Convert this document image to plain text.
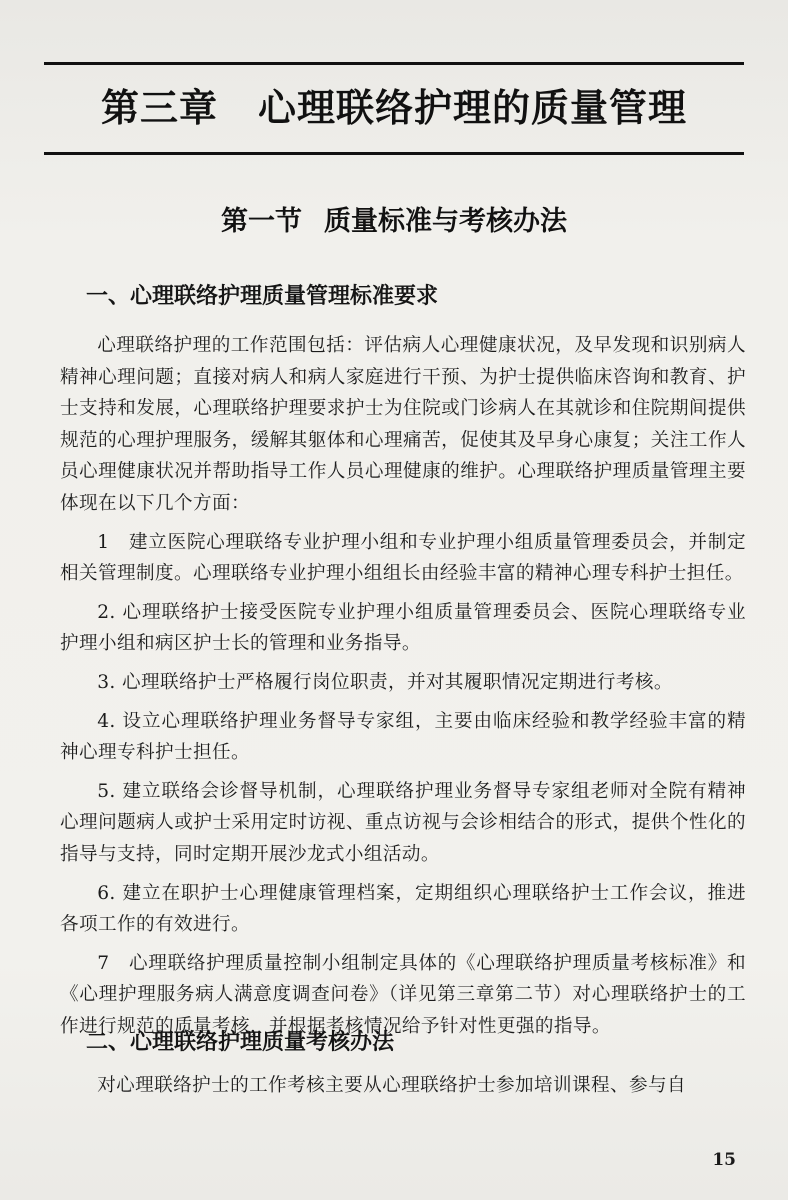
第三章 心理联络护理的质量管理
第一节 质量标准与考核办法
一、心理联络护理质量管理标准要求

心理联络护理的工作范围包括：评估病人心理健康状况，及早发现和识别病人精神心理问题；直接对病人和病人家庭进行干预、为护士提供临床咨询和教育、护士支持和发展，心理联络护理要求护士为住院或门诊病人在其就诊和住院期间提供规范的心理护理服务，缓解其躯体和心理痛苦，促使其及早身心康复；关注工作人员心理健康状况并帮助指导工作人员心理健康的维护。心理联络护理质量管理主要体现在以下几个方面：

1　建立医院心理联络专业护理小组和专业护理小组质量管理委员会，并制定相关管理制度。心理联络专业护理小组组长由经验丰富的精神心理专科护士担任。

2. 心理联络护士接受医院专业护理小组质量管理委员会、医院心理联络专业护理小组和病区护士长的管理和业务指导。

3. 心理联络护士严格履行岗位职责，并对其履职情况定期进行考核。

4. 设立心理联络护理业务督导专家组，主要由临床经验和教学经验丰富的精神心理专科护士担任。

5. 建立联络会诊督导机制，心理联络护理业务督导专家组老师对全院有精神心理问题病人或护士采用定时访视、重点访视与会诊相结合的形式，提供个性化的指导与支持，同时定期开展沙龙式小组活动。

6. 建立在职护士心理健康管理档案，定期组织心理联络护士工作会议，推进各项工作的有效进行。

7　心理联络护理质量控制小组制定具体的《心理联络护理质量考核标准》和《心理护理服务病人满意度调查问卷》（详见第三章第二节）对心理联络护士的工作进行规范的质量考核，并根据考核情况给予针对性更强的指导。

二、心理联络护理质量考核办法

对心理联络护士的工作考核主要从心理联络护士参加培训课程、参与自

15
